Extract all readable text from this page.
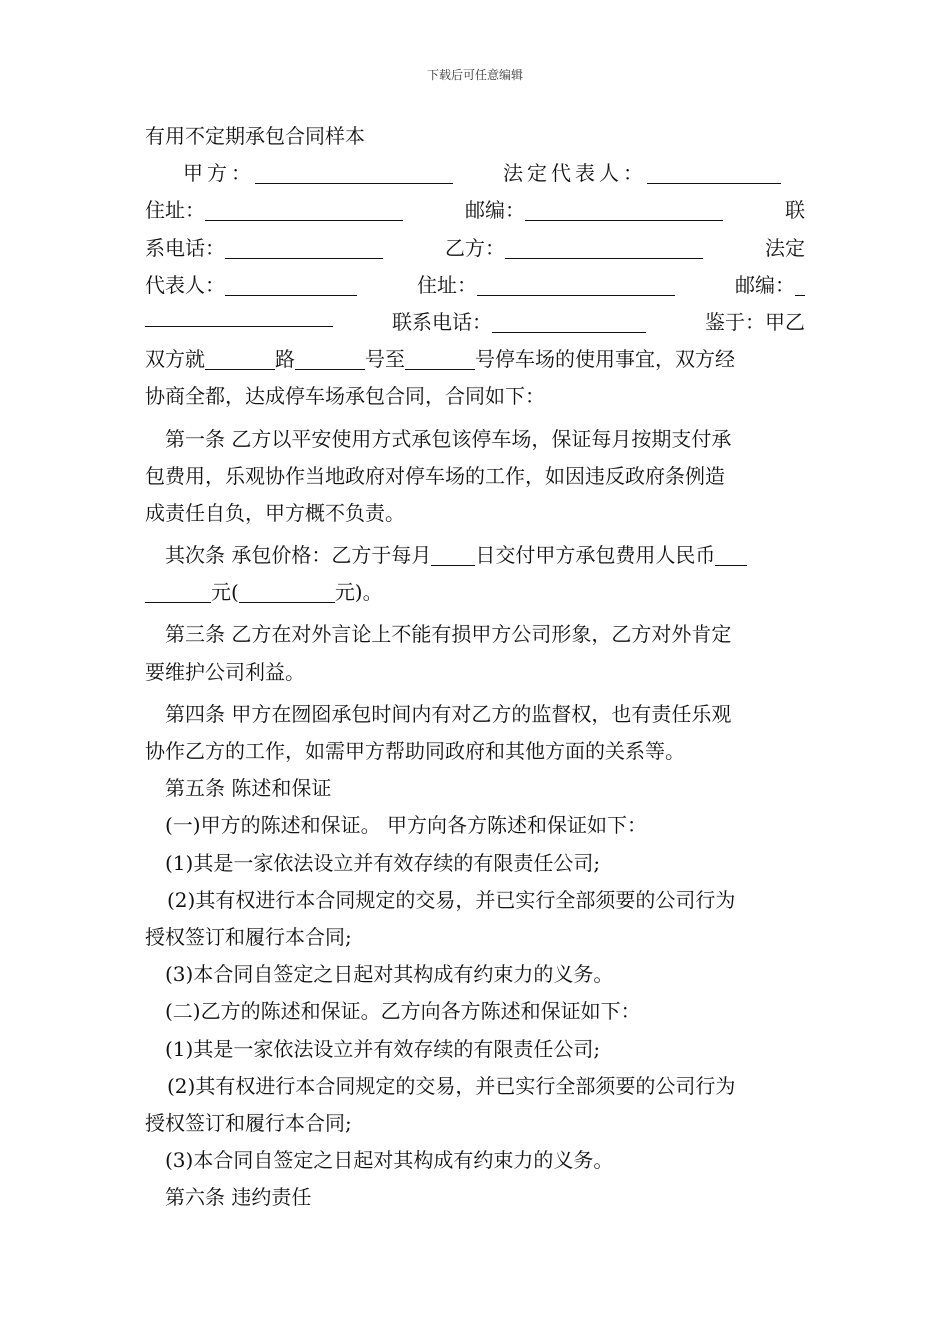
下载后可任意编辑
有用不定期承包合同样本
甲方：	法定代表人：
住址：	邮编：	联
系电话：	乙方：	法定
代表人：	住址：	邮编：
联系电话：	鉴于：甲乙
双方就	路	号至	号停车场的使用事宜，双方经
协商全都，达成停车场承包合同，合同如下：
第一条 乙方以平安使用方式承包该停车场，保证每月按期支付承
包费用，乐观协作当地政府对停车场的工作，如因违反政府条例造
成责任自负，甲方概不负责。
其次条 承包价格：乙方于每月 日交付甲方承包费用人民币
元(	元)。
第三条 乙方在对外言论上不能有损甲方公司形象，乙方对外肯定
要维护公司利益。
第四条 甲方在囫囵承包时间内有对乙方的监督权，也有责任乐观
协作乙方的工作，如需甲方帮助同政府和其他方面的关系等。
第五条 陈述和保证
(一)甲方的陈述和保证。 甲方向各方陈述和保证如下：
(1)其是一家依法设立并有效存续的有限责任公司;
(2)其有权进行本合同规定的交易，并已实行全部须要的公司行为
授权签订和履行本合同;
(3)本合同自签定之日起对其构成有约束力的义务。
(二)乙方的陈述和保证。乙方向各方陈述和保证如下：
(1)其是一家依法设立并有效存续的有限责任公司;
(2)其有权进行本合同规定的交易，并已实行全部须要的公司行为
授权签订和履行本合同;
(3)本合同自签定之日起对其构成有约束力的义务。
第六条 违约责任
